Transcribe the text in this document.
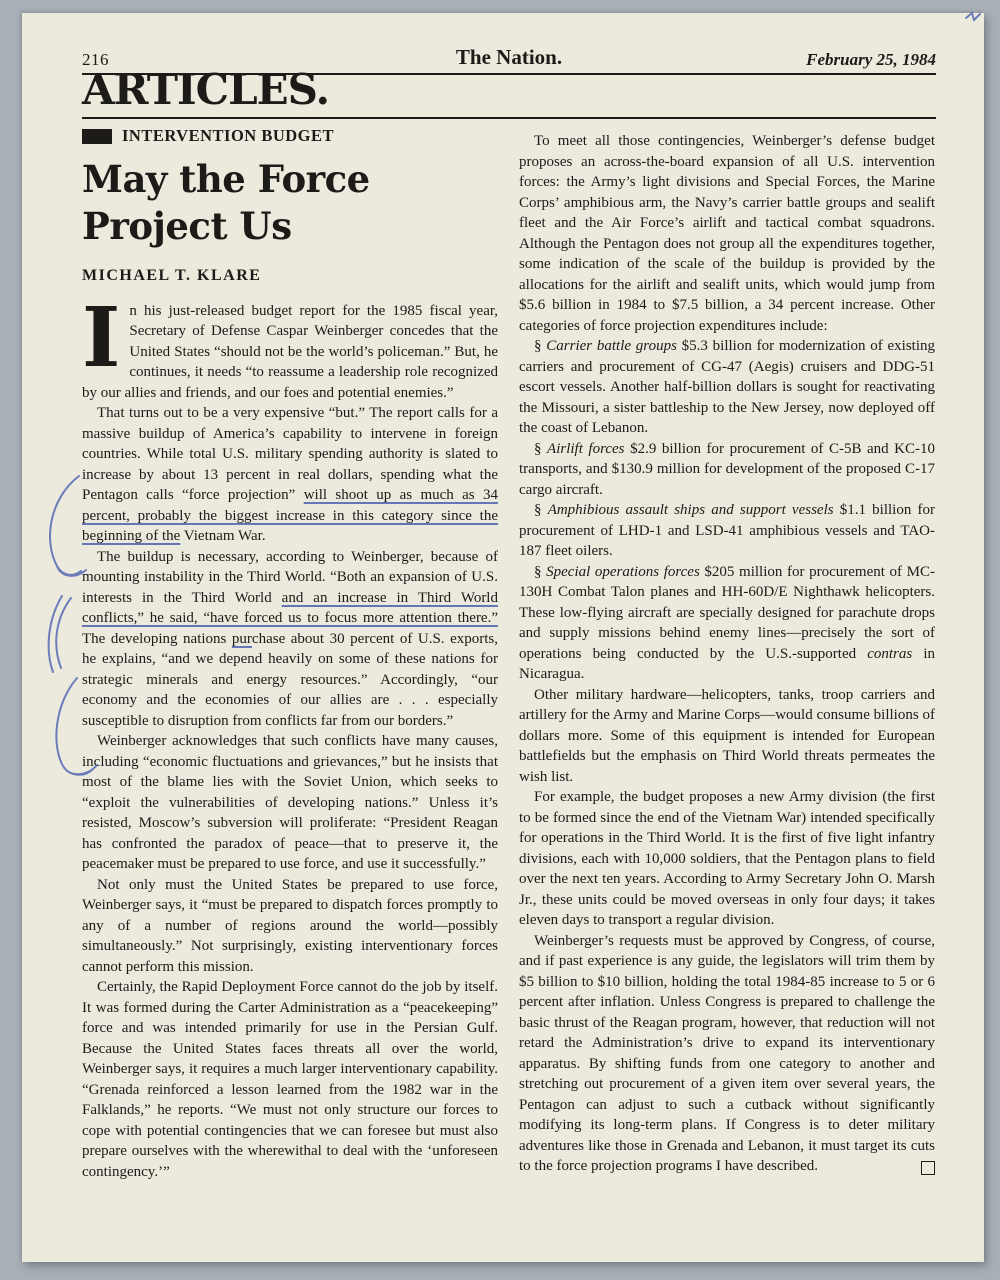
216	The Nation.	February 25, 1984
ARTICLES.
INTERVENTION BUDGET
May the Force
Project Us
MICHAEL T. KLARE

In his just-released budget report for the 1985 fiscal year, Secretary of Defense Caspar Weinberger concedes that the United States “should not be the world’s policeman.” But, he continues, it needs “to reassume a leadership role recognized by our allies and friends, and our foes and potential enemies.”

That turns out to be a very expensive “but.” The report calls for a massive buildup of America’s capability to intervene in foreign countries. While total U.S. military spending authority is slated to increase by about 13 percent in real dollars, spending what the Pentagon calls “force projection” will shoot up as much as 34 percent, probably the biggest increase in this category since the beginning of the Vietnam War.

The buildup is necessary, according to Weinberger, because of mounting instability in the Third World. “Both an expansion of U.S. interests in the Third World and an increase in Third World conflicts,” he said, “have forced us to focus more attention there.” The developing nations purchase about 30 percent of U.S. exports, he explains, “and we depend heavily on some of these nations for strategic minerals and energy resources.” Accordingly, “our economy and the economies of our allies are . . . especially susceptible to disruption from conflicts far from our borders.”

Weinberger acknowledges that such conflicts have many causes, including “economic fluctuations and grievances,” but he insists that most of the blame lies with the Soviet Union, which seeks to “exploit the vulnerabilities of developing nations.” Unless it’s resisted, Moscow’s subversion will proliferate: “President Reagan has confronted the paradox of peace—that to preserve it, the peacemaker must be prepared to use force, and use it successfully.”

Not only must the United States be prepared to use force, Weinberger says, it “must be prepared to dispatch forces promptly to any of a number of regions around the world—possibly simultaneously.” Not surprisingly, existing interventionary forces cannot perform this mission.

Certainly, the Rapid Deployment Force cannot do the job by itself. It was formed during the Carter Administration as a “peacekeeping” force and was intended primarily for use in the Persian Gulf. Because the United States faces threats all over the world, Weinberger says, it requires a much larger interventionary capability. “Grenada reinforced a lesson learned from the 1982 war in the Falklands,” he reports. “We must not only structure our forces to cope with potential contingencies that we can foresee but must also prepare ourselves with the wherewithal to deal with the ‘unforeseen contingency.’”

To meet all those contingencies, Weinberger’s defense budget proposes an across-the-board expansion of all U.S. intervention forces: the Army’s light divisions and Special Forces, the Marine Corps’ amphibious arm, the Navy’s carrier battle groups and sealift fleet and the Air Force’s airlift and tactical combat squadrons. Although the Pentagon does not group all the expenditures together, some indication of the scale of the buildup is provided by the allocations for the airlift and sealift units, which would jump from $5.6 billion in 1984 to $7.5 billion, a 34 percent increase. Other categories of force projection expenditures include:

§ Carrier battle groups $5.3 billion for modernization of existing carriers and procurement of CG-47 (Aegis) cruisers and DDG-51 escort vessels. Another half-billion dollars is sought for reactivating the Missouri, a sister battleship to the New Jersey, now deployed off the coast of Lebanon.

§ Airlift forces $2.9 billion for procurement of C-5B and KC-10 transports, and $130.9 million for development of the proposed C-17 cargo aircraft.

§ Amphibious assault ships and support vessels $1.1 billion for procurement of LHD-1 and LSD-41 amphibious vessels and TAO-187 fleet oilers.

§ Special operations forces $205 million for procurement of MC-130H Combat Talon planes and HH-60D/E Nighthawk helicopters. These low-flying aircraft are specially designed for parachute drops and supply missions behind enemy lines—precisely the sort of operations being conducted by the U.S.-supported contras in Nicaragua.

Other military hardware—helicopters, tanks, troop carriers and artillery for the Army and Marine Corps—would consume billions of dollars more. Some of this equipment is intended for European battlefields but the emphasis on Third World threats permeates the wish list.

For example, the budget proposes a new Army division (the first to be formed since the end of the Vietnam War) intended specifically for operations in the Third World. It is the first of five light infantry divisions, each with 10,000 soldiers, that the Pentagon plans to field over the next ten years. According to Army Secretary John O. Marsh Jr., these units could be moved overseas in only four days; it takes eleven days to transport a regular division.

Weinberger’s requests must be approved by Congress, of course, and if past experience is any guide, the legislators will trim them by $5 billion to $10 billion, holding the total 1984-85 increase to 5 or 6 percent after inflation. Unless Congress is prepared to challenge the basic thrust of the Reagan program, however, that reduction will not retard the Administration’s drive to expand its interventionary apparatus. By shifting funds from one category to another and stretching out procurement of a given item over several years, the Pentagon can adjust to such a cutback without significantly modifying its long-term plans. If Congress is to deter military adventures like those in Grenada and Lebanon, it must target its cuts to the force projection programs I have described.
